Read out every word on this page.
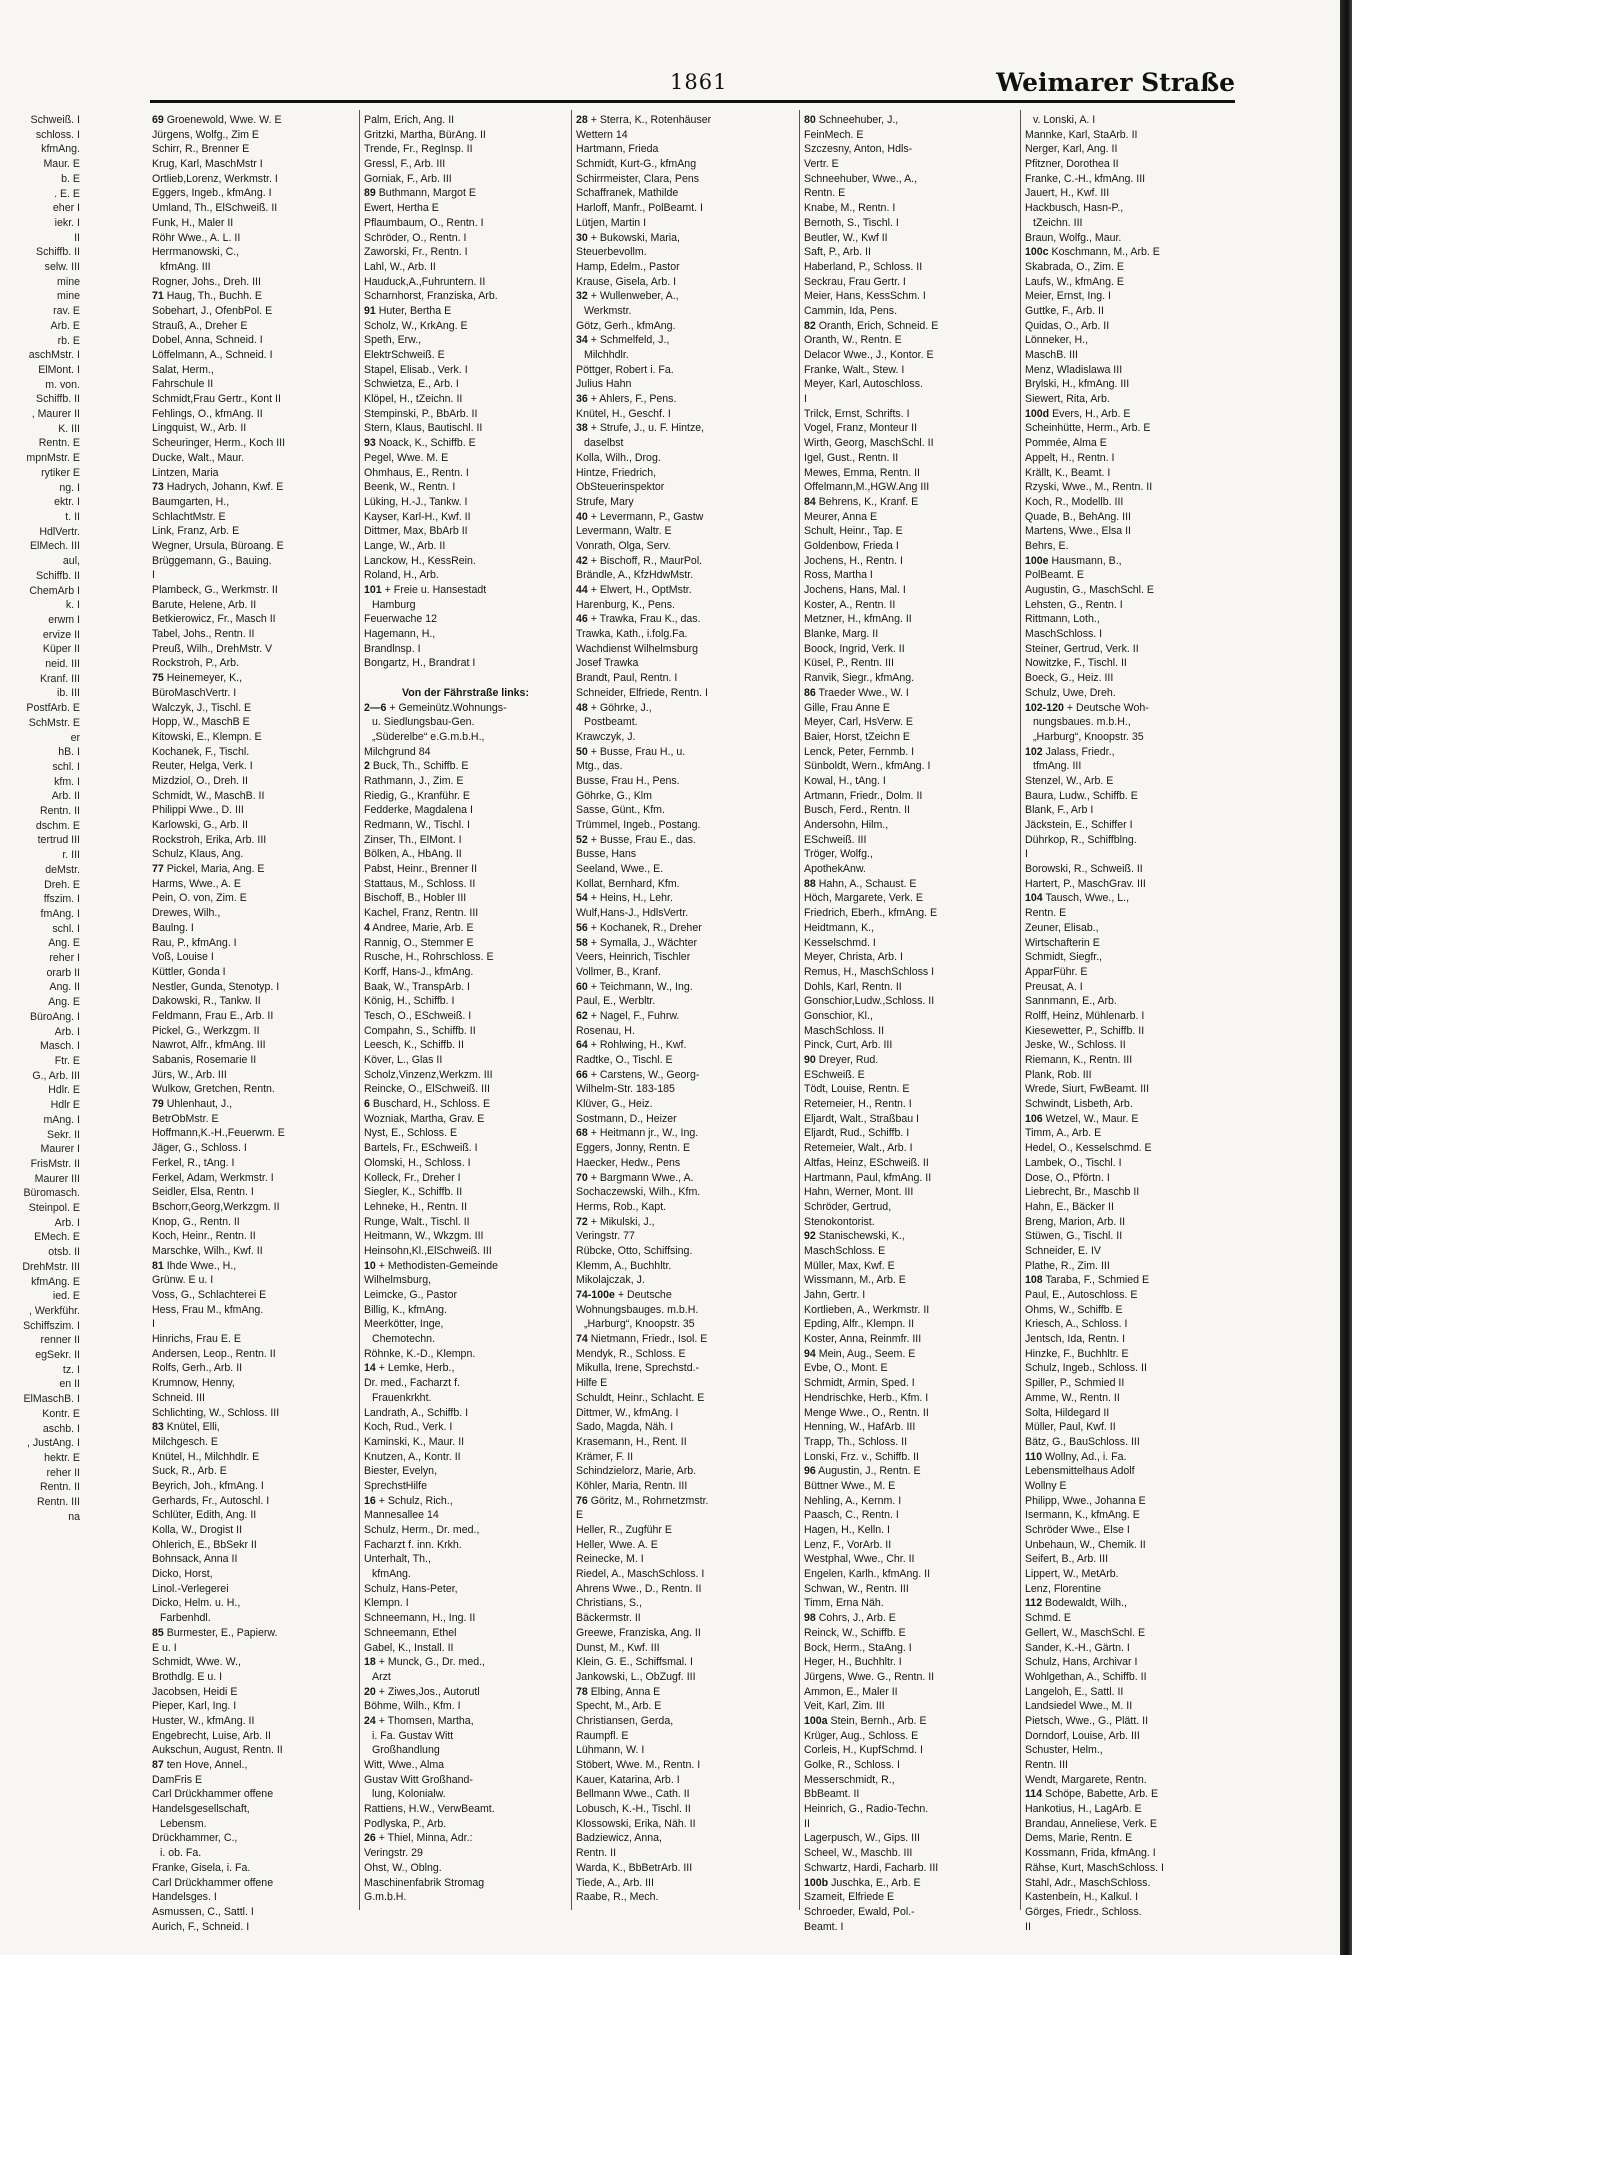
1861	Weimarer Straße
Schweiß. I
schloss. I
kfmAng.
Maur. E
b. E
. E. E
eher I
iekr. I
II
Schiffb. II
selw. III
mine
mine
rav. E
Arb. E
rb. E
aschMstr. I
ElMont. I
m. von.
Schiffb. II
, Maurer II
K. III
Rentn. E
mpnMstr. E
rytiker E
ng. I
ektr. I
t. II
HdlVertr.
ElMech. III
aul,
Schiffb. II
ChemArb I
k. I
erwm I
ervize II
Küper II
neid. III
Kranf. III
ib. III
PostfArb. E
SchMstr. E
er
hB. I
schl. I
kfm. I
Arb. II
Rentn. II
dschm. E
tertrud III
r. III
deMstr.
Dreh. E
ffszim. I
fmAng. I
schl. I
Ang. E
reher I
orarb II
Ang. II
Ang. E
BüroAng. I
Arb. I
Masch. I
Ftr. E
G., Arb. III
Hdlr. E
Hdlr E
mAng. I
Sekr. II
Maurer I
FrisMstr. II
Maurer III
Büromasch.
Steinpol. E
Arb. I
EMech. E
otsb. II
DrehMstr. III
kfmAng. E
ied. E
, Werkführ.
Schiffszim. I
renner II
egSekr. II
tz. I
en II
ElMaschB. I
Kontr. E
aschb. I
, JustAng. I
hektr. E
reher II
Rentn. II
Rentn. III
na
69 Groenewold, Wwe. W. E
Jürgens, Wolfg., Zim E
Schirr, R., Brenner E
Krug, Karl, MaschMstr I
Ortlieb,Lorenz, Werkmstr. I
Eggers, Ingeb., kfmAng. I
Umland, Th., ElSchweiß. II
Funk, H., Maler II
Röhr Wwe., A. L. II
Herrmanowski, C.,
kfmAng. III
Rogner, Johs., Dreh. III
71 Haug, Th., Buchh. E
Sobehart, J., OfenbPol. E
Strauß, A., Dreher E
Dobel, Anna, Schneid. I
Löffelmann, A., Schneid. I
Salat, Herm.,
Fahrschule II
Schmidt,Frau Gertr., Kont II
Fehlings, O., kfmAng. II
Lingquist, W., Arb. II
Scheuringer, Herm., Koch III
Ducke, Walt., Maur.
Lintzen, Maria
73 Hadrych, Johann, Kwf. E
Baumgarten, H.,
SchlachtMstr. E
Link, Franz, Arb. E
Wegner, Ursula, Büroang. E
Brüggemann, G., Bauing.
I
Plambeck, G., Werkmstr. II
Barute, Helene, Arb. II
Betkierowicz, Fr., Masch II
Tabel, Johs., Rentn. II
Preuß, Wilh., DrehMstr. V
Rockstroh, P., Arb.
75 Heinemeyer, K.,
BüroMaschVertr. I
Walczyk, J., Tischl. E
Hopp, W., MaschB E
Kitowski, E., Klempn. E
Kochanek, F., Tischl.
Reuter, Helga, Verk. I
Mizdziol, O., Dreh. II
Schmidt, W., MaschB. II
Philippi Wwe., D. III
Karlowski, G., Arb. II
Rockstroh, Erika, Arb. III
Schulz, Klaus, Ang.
77 Pickel, Maria, Ang. E
Harms, Wwe., A. E
Pein, O. von, Zim. E
Drewes, Wilh.,
Baulng. I
Rau, P., kfmAng. I
Voß, Louise I
Küttler, Gonda I
Nestler, Gunda, Stenotyp. I
Dakowski, R., Tankw. II
Feldmann, Frau E., Arb. II
Pickel, G., Werkzgm. II
Nawrot, Alfr., kfmAng. III
Sabanis, Rosemarie II
Jürs, W., Arb. III
Wulkow, Gretchen, Rentn.
79 Uhlenhaut, J.,
BetrObMstr. E
Hoffmann,K.-H.,Feuerwm. E
Jäger, G., Schloss. I
Ferkel, R., tAng. I
Ferkel, Adam, Werkmstr. I
Seidler, Elsa, Rentn. I
Bschorr,Georg,Werkzgm. II
Knop, G., Rentn. II
Koch, Heinr., Rentn. II
Marschke, Wilh., Kwf. II
81 Ihde Wwe., H.,
Grünw. E u. I
Voss, G., Schlachterei E
Hess, Frau M., kfmAng.
I
Hinrichs, Frau E. E
Andersen, Leop., Rentn. II
Rolfs, Gerh., Arb. II
Krumnow, Henny,
Schneid. III
Schlichting, W., Schloss. III
83 Knütel, Elli,
Milchgesch. E
Knütel, H., Milchhdlr. E
Suck, R., Arb. E
Beyrich, Joh., kfmAng. I
Gerhards, Fr., Autoschl. I
Schlüter, Edith, Ang. II
Kolla, W., Drogist II
Ohlerich, E., BbSekr II
Bohnsack, Anna II
Dicko, Horst,
Linol.-Verlegerei
Dicko, Helm. u. H.,
Farbenhdl.
85 Burmester, E., Papierw.
E u. I
Schmidt, Wwe. W.,
Brothdlg. E u. I
Jacobsen, Heidi E
Pieper, Karl, Ing. I
Huster, W., kfmAng. II
Engebrecht, Luise, Arb. II
Aukschun, August, Rentn. II
87 ten Hove, Annel.,
DamFris E
Carl Drückhammer offene
Handelsgesellschaft,
Lebensm.
Drückhammer, C.,
i. ob. Fa.
Franke, Gisela, i. Fa.
Carl Drückhammer offene
Handelsges. I
Asmussen, C., Sattl. I
Aurich, F., Schneid. I
Palm, Erich, Ang. II
Gritzki, Martha, BürAng. II
Trende, Fr., RegInsp. II
Gressl, F., Arb. III
Gorniak, F., Arb. III
89 Buthmann, Margot E
Ewert, Hertha E
Pflaumbaum, O., Rentn. I
Schröder, O., Rentn. I
Zaworski, Fr., Rentn. I
Lahl, W., Arb. II
Hauduck,A.,Fuhruntern. II
Scharnhorst, Franziska, Arb.
91 Huter, Bertha E
Scholz, W., KrkAng. E
Speth, Erw.,
ElektrSchweiß. E
Stapel, Elisab., Verk. I
Schwietza, E., Arb. I
Klöpel, H., tZeichn. II
Stempinski, P., BbArb. II
Stern, Klaus, Bautischl. II
93 Noack, K., Schiffb. E
Pegel, Wwe. M. E
Ohmhaus, E., Rentn. I
Beenk, W., Rentn. I
Lüking, H.-J., Tankw. I
Kayser, Karl-H., Kwf. II
Dittmer, Max, BbArb II
Lange, W., Arb. II
Lanckow, H., KessRein.
Roland, H., Arb.
101 + Freie u. Hansestadt
Hamburg
Feuerwache 12
Hagemann, H.,
Brandlnsp. I
Bongartz, H., Brandrat I
Von der Fährstraße links:
2—6 + Gemeinütz.Wohnungs-
u. Siedlungsbau-Gen.
„Süderelbe“ e.G.m.b.H.,
Milchgrund 84
2 Buck, Th., Schiffb. E
Rathmann, J., Zim. E
Riedig, G., Kranführ. E
Fedderke, Magdalena I
Redmann, W., Tischl. I
Zinser, Th., ElMont. I
Bölken, A., HbAng. II
Pabst, Heinr., Brenner II
Stattaus, M., Schloss. II
Bischoff, B., Hobler III
Kachel, Franz, Rentn. III
4 Andree, Marie, Arb. E
Rannig, O., Stemmer E
Rusche, H., Rohrschloss. E
Korff, Hans-J., kfmAng.
Baak, W., TranspArb. I
König, H., Schiffb. I
Tesch, O., ESchweiß. I
Compahn, S., Schiffb. II
Leesch, K., Schiffb. II
Köver, L., Glas II
Scholz,Vinzenz,Werkzm. III
Reincke, O., ElSchweiß. III
6 Buschard, H., Schloss. E
Wozniak, Martha, Grav. E
Nyst, E., Schloss. E
Bartels, Fr., ESchweiß. I
Olomski, H., Schloss. I
Kolleck, Fr., Dreher I
Siegler, K., Schiffb. II
Lehneke, H., Rentn. II
Runge, Walt., Tischl. II
Heitmann, W., Wkzgm. III
Heinsohn,Kl.,ElSchweiß. III
10 + Methodisten-Gemeinde
Wilhelmsburg,
Leimcke, G., Pastor
Billig, K., kfmAng.
Meerkötter, Inge,
Chemotechn.
Röhnke, K.-D., Klempn.
14 + Lemke, Herb.,
Dr. med., Facharzt f.
Frauenkrkht.
Landrath, A., Schiffb. I
Koch, Rud., Verk. I
Kaminski, K., Maur. II
Knutzen, A., Kontr. II
Biester, Evelyn,
SprechstHilfe
16 + Schulz, Rich.,
Mannesallee 14
Schulz, Herm., Dr. med.,
Facharzt f. inn. Krkh.
Unterhalt, Th.,
kfmAng.
Schulz, Hans-Peter,
Klempn. I
Schneemann, H., Ing. II
Schneemann, Ethel
Gabel, K., Install. II
18 + Munck, G., Dr. med.,
Arzt
20 + Ziwes,Jos., Autorutl
Böhme, Wilh., Kfm. I
24 + Thomsen, Martha,
i. Fa. Gustav Witt
Großhandlung
Witt, Wwe., Alma
Gustav Witt Großhand-
lung, Kolonialw.
Rattiens, H.W., VerwBeamt.
Podlyska, P., Arb.
26 + Thiel, Minna, Adr.:
Veringstr. 29
Ohst, W., Oblng.
Maschinenfabrik Stromag
G.m.b.H.
28 + Sterra, K., Rotenhäuser
Wettern 14
Hartmann, Frieda
Schmidt, Kurt-G., kfmAng
Schirrmeister, Clara, Pens
Schaffranek, Mathilde
Harloff, Manfr., PolBeamt. I
Lütjen, Martin I
30 + Bukowski, Maria,
Steuerbevollm.
Hamp, Edelm., Pastor
Krause, Gisela, Arb. I
32 + Wullenweber, A.,
Werkmstr.
Götz, Gerh., kfmAng.
34 + Schmelfeld, J.,
Milchhdlr.
Pöttger, Robert i. Fa.
Julius Hahn
36 + Ahlers, F., Pens.
Knütel, H., Geschf. I
38 + Strufe, J., u. F. Hintze,
daselbst
Kolla, Wilh., Drog.
Hintze, Friedrich,
ObSteuerinspektor
Strufe, Mary
40 + Levermann, P., Gastw
Levermann, Waltr. E
Vonrath, Olga, Serv.
42 + Bischoff, R., MaurPol.
Brändle, A., KfzHdwMstr.
44 + Elwert, H., OptMstr.
Harenburg, K., Pens.
46 + Trawka, Frau K., das.
Trawka, Kath., i.folg.Fa.
Wachdienst Wilhelmsburg
Josef Trawka
Brandt, Paul, Rentn. I
Schneider, Elfriede, Rentn. I
48 + Göhrke, J.,
Postbeamt.
Krawczyk, J.
50 + Busse, Frau H., u.
Mtg., das.
Busse, Frau H., Pens.
Göhrke, G., Klm
Sasse, Günt., Kfm.
Trümmel, Ingeb., Postang.
52 + Busse, Frau E., das.
Busse, Hans
Seeland, Wwe., E.
Kollat, Bernhard, Kfm.
54 + Heins, H., Lehr.
Wulf,Hans-J., HdlsVertr.
56 + Kochanek, R., Dreher
58 + Symalla, J., Wächter
Veers, Heinrich, Tischler
Vollmer, B., Kranf.
60 + Teichmann, W., Ing.
Paul, E., Werbltr.
62 + Nagel, F., Fuhrw.
Rosenau, H.
64 + Rohlwing, H., Kwf.
Radtke, O., Tischl. E
66 + Carstens, W., Georg-
Wilhelm-Str. 183-185
Klüver, G., Heiz.
Sostmann, D., Heizer
68 + Heitmann jr., W., Ing.
Eggers, Jonny, Rentn. E
Haecker, Hedw., Pens
70 + Bargmann Wwe., A.
Sochaczewski, Wilh., Kfm.
Herms, Rob., Kapt.
72 + Mikulski, J.,
Veringstr. 77
Rübcke, Otto, Schiffsing.
Klemm, A., Buchhltr.
Mikolajczak, J.
74-100e + Deutsche
Wohnungsbauges. m.b.H.
„Harburg“, Knoopstr. 35
74 Nietmann, Friedr., Isol. E
Mendyk, R., Schloss. E
Mikulla, Irene, Sprechstd.-
Hilfe E
Schuldt, Heinr., Schlacht. E
Dittmer, W., kfmAng. I
Sado, Magda, Näh. I
Krasemann, H., Rent. II
Krämer, F. II
Schindzielorz, Marie, Arb.
Köhler, Maria, Rentn. III
76 Göritz, M., Rohrnetzmstr.
E
Heller, R., Zugführ E
Heller, Wwe. A. E
Reinecke, M. I
Riedel, A., MaschSchloss. I
Ahrens Wwe., D., Rentn. II
Christians, S.,
Bäckermstr. II
Greewe, Franziska, Ang. II
Dunst, M., Kwf. III
Klein, G. E., Schiffsmal. I
Jankowski, L., ObZugf. III
78 Elbing, Anna E
Specht, M., Arb. E
Christiansen, Gerda,
Raumpfl. E
Lühmann, W. I
Stöbert, Wwe. M., Rentn. I
Kauer, Katarina, Arb. I
Bellmann Wwe., Cath. II
Lobusch, K.-H., Tischl. II
Klossowski, Erika, Näh. II
Badziewicz, Anna,
Rentn. II
Warda, K., BbBetrArb. III
Tiede, A., Arb. III
Raabe, R., Mech.
80 Schneehuber, J.,
FeinMech. E
Szczesny, Anton, Hdls-
Vertr. E
Schneehuber, Wwe., A.,
Rentn. E
Knabe, M., Rentn. I
Bernoth, S., Tischl. I
Beutler, W., Kwf II
Saft, P., Arb. II
Haberland, P., Schloss. II
Seckrau, Frau Gertr. I
Meier, Hans, KessSchm. I
Cammin, Ida, Pens.
82 Oranth, Erich, Schneid. E
Oranth, W., Rentn. E
Delacor Wwe., J., Kontor. E
Franke, Walt., Stew. I
Meyer, Karl, Autoschloss.
I
Trilck, Ernst, Schrifts. I
Vogel, Franz, Monteur II
Wirth, Georg, MaschSchl. II
Igel, Gust., Rentn. II
Mewes, Emma, Rentn. II
Offelmann,M.,HGW.Ang III
84 Behrens, K., Kranf. E
Meurer, Anna E
Schult, Heinr., Tap. E
Goldenbow, Frieda I
Jochens, H., Rentn. I
Ross, Martha I
Jochens, Hans, Mal. I
Koster, A., Rentn. II
Metzner, H., kfmAng. II
Blanke, Marg. II
Boock, Ingrid, Verk. II
Küsel, P., Rentn. III
Ranvik, Siegr., kfmAng.
86 Traeder Wwe., W. I
Gille, Frau Anne E
Meyer, Carl, HsVerw. E
Baier, Horst, tZeichn E
Lenck, Peter, Fernmb. I
Sünboldt, Wern., kfmAng. I
Kowal, H., tAng. I
Artmann, Friedr., Dolm. II
Busch, Ferd., Rentn. II
Andersohn, Hilm.,
ESchweiß. III
Tröger, Wolfg.,
ApothekAnw.
88 Hahn, A., Schaust. E
Höch, Margarete, Verk. E
Friedrich, Eberh., kfmAng. E
Heidtmann, K.,
Kesselschmd. I
Meyer, Christa, Arb. I
Remus, H., MaschSchloss I
Dohls, Karl, Rentn. II
Gonschior,Ludw.,Schloss. II
Gonschior, Kl.,
MaschSchloss. II
Pinck, Curt, Arb. III
90 Dreyer, Rud.
ESchweiß. E
Tödt, Louise, Rentn. E
Retemeier, H., Rentn. I
Eljardt, Walt., Straßbau I
Eljardt, Rud., Schiffb. I
Retemeier, Walt., Arb. I
Altfas, Heinz, ESchweiß. II
Hartmann, Paul, kfmAng. II
Hahn, Werner, Mont. III
Schröder, Gertrud,
Stenokontorist.
92 Stanischewski, K.,
MaschSchloss. E
Müller, Max, Kwf. E
Wissmann, M., Arb. E
Jahn, Gertr. I
Kortlieben, A., Werkmstr. II
Epding, Alfr., Klempn. II
Koster, Anna, Reinmfr. III
94 Mein, Aug., Seem. E
Evbe, O., Mont. E
Schmidt, Armin, Sped. I
Hendrischke, Herb., Kfm. I
Menge Wwe., O., Rentn. II
Henning, W., HafArb. III
Trapp, Th., Schloss. II
Lonski, Frz. v., Schiffb. II
96 Augustin, J., Rentn. E
Büttner Wwe., M. E
Nehling, A., Kernm. I
Paasch, C., Rentn. I
Hagen, H., Kelln. I
Lenz, F., VorArb. II
Westphal, Wwe., Chr. II
Engelen, Karlh., kfmAng. II
Schwan, W., Rentn. III
Timm, Erna Näh.
98 Cohrs, J., Arb. E
Reinck, W., Schiffb. E
Bock, Herm., StaAng. I
Heger, H., Buchhltr. I
Jürgens, Wwe. G., Rentn. II
Ammon, E., Maler II
Veit, Karl, Zim. III
100a Stein, Bernh., Arb. E
Krüger, Aug., Schloss. E
Corleis, H., KupfSchmd. I
Golke, R., Schloss. I
Messerschmidt, R.,
BbBeamt. II
Heinrich, G., Radio-Techn.
II
Lagerpusch, W., Gips. III
Scheel, W., Maschb. III
Schwartz, Hardi, Facharb. III
100b Juschka, E., Arb. E
Szameit, Elfriede E
Schroeder, Ewald, Pol.-
Beamt. I
v. Lonski, A. I
Mannke, Karl, StaArb. II
Nerger, Karl, Ang. II
Pfitzner, Dorothea II
Franke, C.-H., kfmAng. III
Jauert, H., Kwf. III
Hackbusch, Hasn-P.,
tZeichn. III
Braun, Wolfg., Maur.
100c Koschmann, M., Arb. E
Skabrada, O., Zim. E
Laufs, W., kfmAng. E
Meier, Ernst, Ing. I
Guttke, F., Arb. II
Quidas, O., Arb. II
Lönneker, H.,
MaschB. III
Menz, Wladislawa III
Brylski, H., kfmAng. III
Siewert, Rita, Arb.
100d Evers, H., Arb. E
Scheinhütte, Herm., Arb. E
Pommée, Alma E
Appelt, H., Rentn. I
Krällt, K., Beamt. I
Rzyski, Wwe., M., Rentn. II
Koch, R., Modellb. III
Quade, B., BehAng. III
Martens, Wwe., Elsa II
Behrs, E.
100e Hausmann, B.,
PolBeamt. E
Augustin, G., MaschSchl. E
Lehsten, G., Rentn. I
Rittmann, Loth.,
MaschSchloss. I
Steiner, Gertrud, Verk. II
Nowitzke, F., Tischl. II
Boeck, G., Heiz. III
Schulz, Uwe, Dreh.
102-120 + Deutsche Woh-
nungsbaues. m.b.H.,
„Harburg“, Knoopstr. 35
102 Jalass, Friedr.,
tfmAng. III
Stenzel, W., Arb. E
Baura, Ludw., Schiffb. E
Blank, F., Arb I
Jäckstein, E., Schiffer I
Dührkop, R., Schiffblng.
I
Borowski, R., Schweiß. II
Hartert, P., MaschGrav. III
104 Tausch, Wwe., L.,
Rentn. E
Zeuner, Elisab.,
Wirtschafterin E
Schmidt, Siegfr.,
ApparFühr. E
Preusat, A. I
Sannmann, E., Arb.
Rolff, Heinz, Mühlenarb. I
Kiesewetter, P., Schiffb. II
Jeske, W., Schloss. II
Riemann, K., Rentn. III
Plank, Rob. III
Wrede, Siurt, FwBeamt. III
Schwindt, Lisbeth, Arb.
106 Wetzel, W., Maur. E
Timm, A., Arb. E
Hedel, O., Kesselschmd. E
Lambek, O., Tischl. I
Dose, O., Pförtn. I
Liebrecht, Br., Maschb II
Hahn, E., Bäcker II
Breng, Marion, Arb. II
Stüwen, G., Tischl. II
Schneider, E. IV
Plathe, R., Zim. III
108 Taraba, F., Schmied E
Paul, E., Autoschloss. E
Ohms, W., Schiffb. E
Kriesch, A., Schloss. I
Jentsch, Ida, Rentn. I
Hinzke, F., Buchhltr. E
Schulz, Ingeb., Schloss. II
Spiller, P., Schmied II
Amme, W., Rentn. II
Solta, Hildegard II
Müller, Paul, Kwf. II
Bätz, G., BauSchloss. III
110 Wollny, Ad., i. Fa.
Lebensmittelhaus Adolf
Wollny E
Philipp, Wwe., Johanna E
Isermann, K., kfmAng. E
Schröder Wwe., Else I
Unbehaun, W., Chemik. II
Seifert, B., Arb. III
Lippert, W., MetArb.
Lenz, Florentine
112 Bodewaldt, Wilh.,
Schmd. E
Gellert, W., MaschSchl. E
Sander, K.-H., Gärtn. I
Schulz, Hans, Archivar I
Wohlgethan, A., Schiffb. II
Langeloh, E., Sattl. II
Landsiedel Wwe., M. II
Pietsch, Wwe., G., Plätt. II
Dorndorf, Louise, Arb. III
Schuster, Helm.,
Rentn. III
Wendt, Margarete, Rentn.
114 Schöpe, Babette, Arb. E
Hankotius, H., LagArb. E
Brandau, Anneliese, Verk. E
Dems, Marie, Rentn. E
Kossmann, Frida, kfmAng. I
Rähse, Kurt, MaschSchloss. I
Stahl, Adr., MaschSchloss.
Kastenbein, H., Kalkul. I
Görges, Friedr., Schloss.
II
